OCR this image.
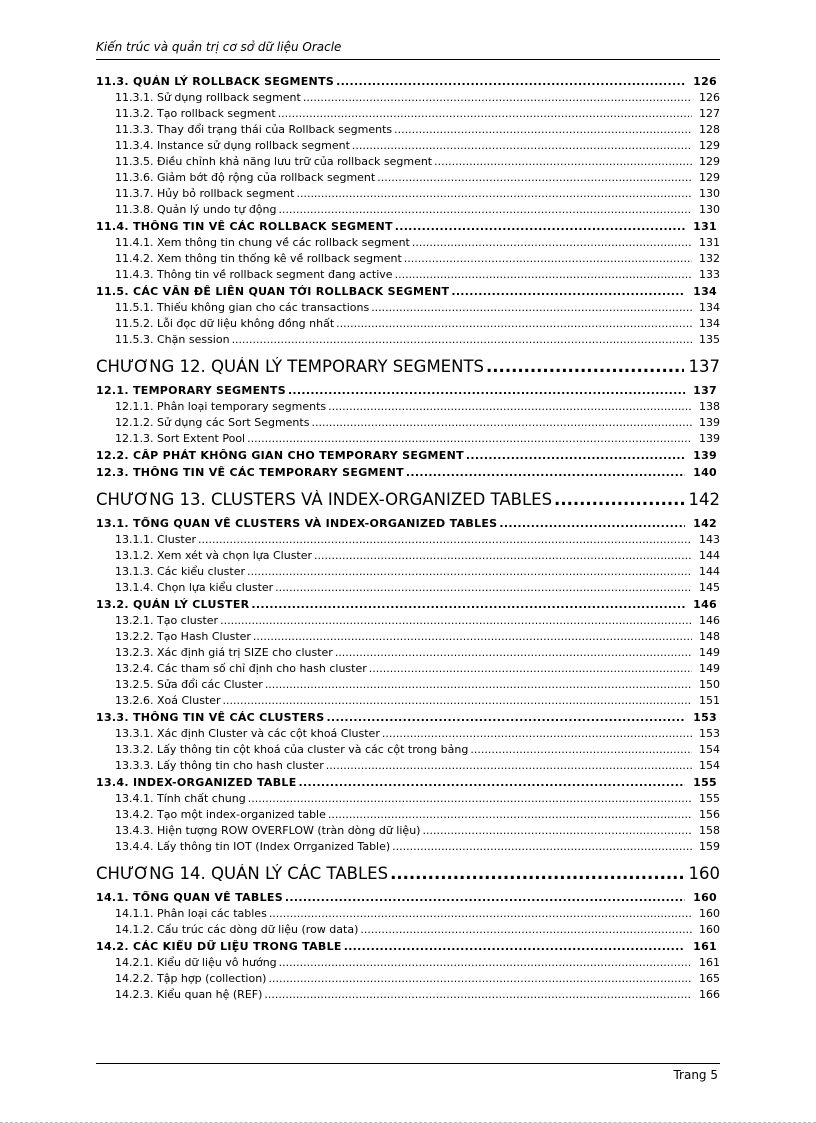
Kiến trúc và quản trị cơ sở dữ liệu Oracle
11.3. QUẢN LÝ ROLLBACK SEGMENTS .....	126
11.3.1. Sử dụng rollback segment .....	126
11.3.2. Tạo rollback segment .....	127
11.3.3. Thay đổi trạng thái của Rollback segments .....	128
11.3.4. Instance sử dụng rollback segment .....	129
11.3.5. Điều chỉnh khả năng lưu trữ của rollback segment .....	129
11.3.6. Giảm bớt độ rộng của rollback segment .....	129
11.3.7. Hủy bỏ rollback segment .....	130
11.3.8. Quản lý undo tự động .....	130
11.4. THÔNG TIN VỀ CÁC ROLLBACK SEGMENT .....	131
11.4.1. Xem thông tin chung về các rollback segment .....	131
11.4.2. Xem thông tin thống kê về rollback segment .....	132
11.4.3. Thông tin về rollback segment đang active .....	133
11.5. CÁC VẤN ĐỀ LIÊN QUAN TỚI ROLLBACK SEGMENT .....	134
11.5.1. Thiếu không gian cho các transactions .....	134
11.5.2. Lỗi đọc dữ liệu không đồng nhất .....	134
11.5.3. Chặn session .....	135
CHƯƠNG 12. QUẢN LÝ TEMPORARY SEGMENTS .....	137
12.1. TEMPORARY SEGMENTS .....	137
12.1.1. Phân loại temporary segments .....	138
12.1.2. Sử dụng các Sort Segments .....	139
12.1.3. Sort Extent Pool .....	139
12.2. CẤP PHÁT KHÔNG GIAN CHO TEMPORARY SEGMENT .....	139
12.3. THÔNG TIN VỀ CÁC TEMPORARY SEGMENT .....	140
CHƯƠNG 13. CLUSTERS VÀ INDEX-ORGANIZED TABLES .....	142
13.1. TỔNG QUAN VỀ CLUSTERS VÀ INDEX-ORGANIZED TABLES .....	142
13.1.1. Cluster .....	143
13.1.2. Xem xét và chọn lựa Cluster .....	144
13.1.3. Các kiểu cluster .....	144
13.1.4. Chọn lựa kiểu cluster .....	145
13.2. QUẢN LÝ CLUSTER .....	146
13.2.1. Tạo cluster .....	146
13.2.2. Tạo Hash Cluster .....	148
13.2.3. Xác định giá trị SIZE cho cluster .....	149
13.2.4. Các tham số chỉ định cho hash cluster .....	149
13.2.5. Sửa đổi các Cluster .....	150
13.2.6. Xoá Cluster .....	151
13.3. THÔNG TIN VỀ CÁC CLUSTERS .....	153
13.3.1. Xác định Cluster và các cột khoá Cluster .....	153
13.3.2. Lấy thông tin cột khoá của cluster và các cột trong bảng .....	154
13.3.3. Lấy thông tin cho hash cluster .....	154
13.4. INDEX-ORGANIZED TABLE .....	155
13.4.1. Tính chất chung .....	155
13.4.2. Tạo một index-organized table .....	156
13.4.3. Hiện tượng ROW OVERFLOW (tràn dòng dữ liệu) .....	158
13.4.4. Lấy thông tin IOT (Index Orrganized Table) .....	159
CHƯƠNG 14. QUẢN LÝ CÁC TABLES .....	160
14.1. TỔNG QUAN VỀ TABLES .....	160
14.1.1. Phân loại các tables .....	160
14.1.2. Cấu trúc các dòng dữ liệu (row data) .....	160
14.2. CÁC KIỂU DỮ LIỆU TRONG TABLE .....	161
14.2.1. Kiểu dữ liệu vô hướng .....	161
14.2.2. Tập hợp (collection) .....	165
14.2.3. Kiểu quan hệ (REF) .....	166
Trang 5
